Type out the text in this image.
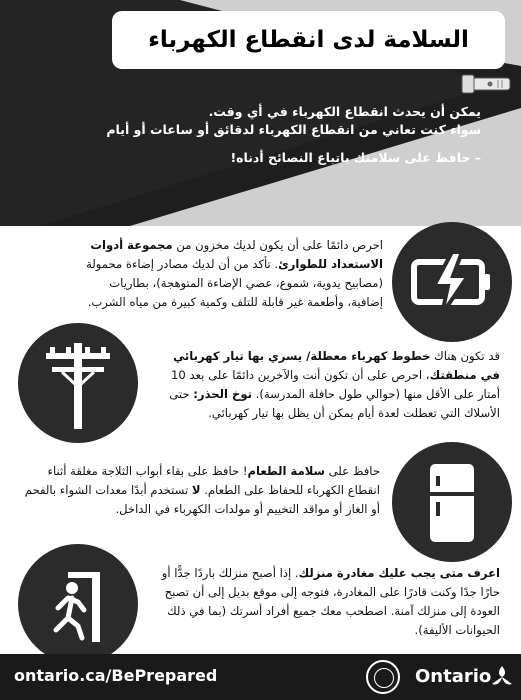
السلامة لدى انقطاع الكهرباء

يمكن أن يحدث انقطاع الكهرباء في أي وقت.

سواء كنت تعاني من انقطاع الكهرباء لدقائق أو ساعات أو أيام

– حافظ على سلامتك باتباع النصائح أدناه!

احرص دائمًا على أن يكون لديك مخزون من مجموعة أدوات الاستعداد للطوارئ. تأكد من أن لديك مصادر إضاءة محمولة (مصابيح يدوية، شموع، عصي الإضاءة المتوهجة)، بطاريات إضافية، وأطعمة غير قابلة للتلف وكمية كبيرة من مياه الشرب.
قد تكون هناك خطوط كهرباء معطلة/ يسري بها تيار كهربائي في منطقتك، احرص على أن تكون أنت والآخرين دائمًا على بعد 10 أمتار على الأقل منها (حوالي طول حافلة المدرسة). توخ الحذر: حتى الأسلاك التي تعطلت لعدة أيام يمكن أن يظل بها تيار كهربائي.
حافظ على سلامة الطعام! حافظ على بقاء أبواب الثلاجة مغلقة أثناء انقطاع الكهرباء للحفاظ على الطعام. لا تستخدم أبدًا معدات الشواء بالفحم أو الغاز أو مواقد التخييم أو مولدات الكهرباء في الداخل.
اعرف متى يجب عليك مغادرة منزلك. إذا أصبح منزلك باردًا جدًّا أو حارًا جدًا وكنت قادرًا على المغادرة، فتوجه إلى موقع بديل إلى أن تصبح العودة إلى منزلك آمنة. اصطحب معك جميع أفراد أسرتك (بما في ذلك الحيوانات الأليفة).
ontario.ca/BePrepared	Ontario
